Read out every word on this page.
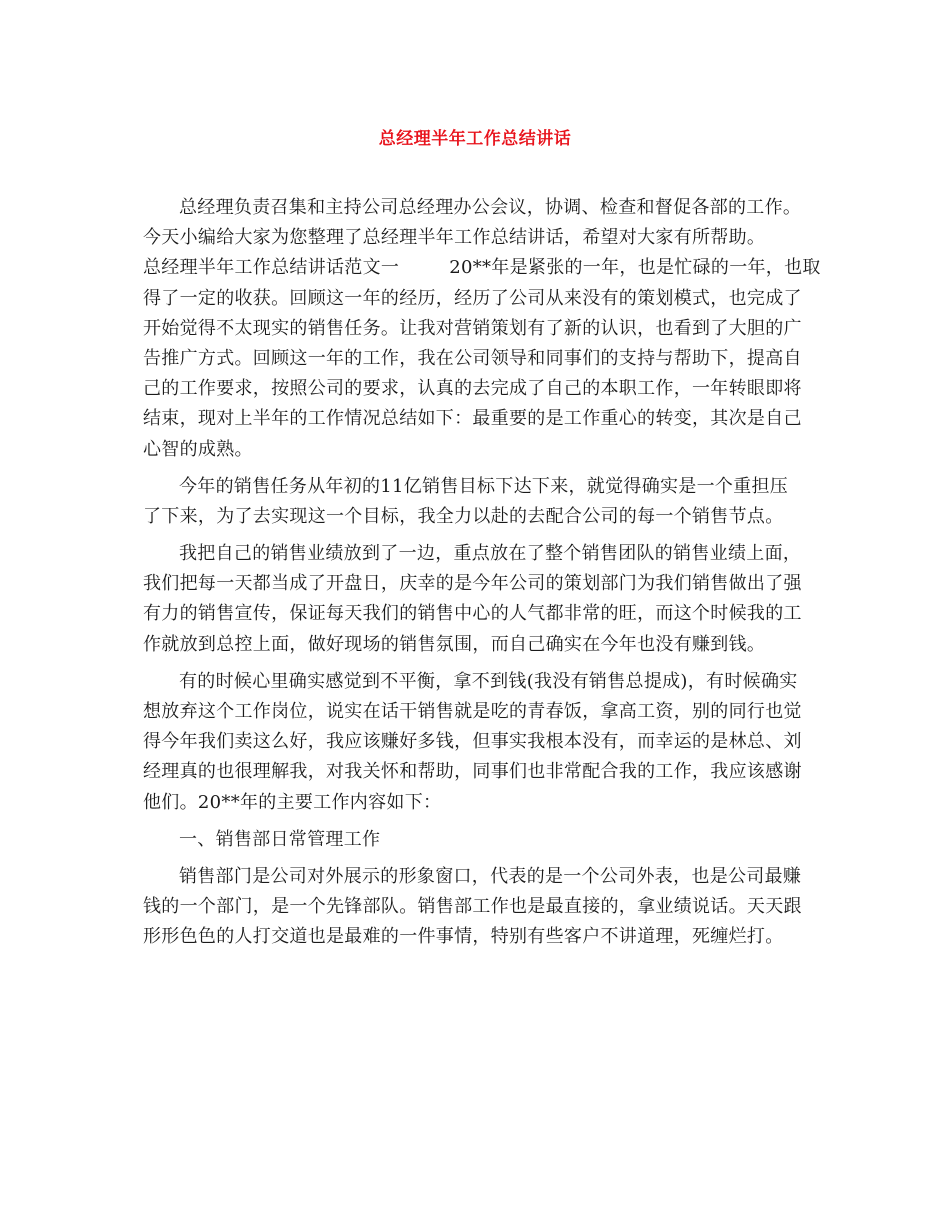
总经理半年工作总结讲话
总经理负责召集和主持公司总经理办公会议，协调、检查和督促各部的工作。
今天小编给大家为您整理了总经理半年工作总结讲话，希望对大家有所帮助。
总经理半年工作总结讲话范文一	20**年是紧张的一年，也是忙碌的一年，也取
得了一定的收获。回顾这一年的经历，经历了公司从来没有的策划模式，也完成了
开始觉得不太现实的销售任务。让我对营销策划有了新的认识，也看到了大胆的广
告推广方式。回顾这一年的工作，我在公司领导和同事们的支持与帮助下，提高自
己的工作要求，按照公司的要求，认真的去完成了自己的本职工作，一年转眼即将
结束，现对上半年的工作情况总结如下：最重要的是工作重心的转变，其次是自己
心智的成熟。
今年的销售任务从年初的11亿销售目标下达下来，就觉得确实是一个重担压
了下来，为了去实现这一个目标，我全力以赴的去配合公司的每一个销售节点。
我把自己的销售业绩放到了一边，重点放在了整个销售团队的销售业绩上面，
我们把每一天都当成了开盘日，庆幸的是今年公司的策划部门为我们销售做出了强
有力的销售宣传，保证每天我们的销售中心的人气都非常的旺，而这个时候我的工
作就放到总控上面，做好现场的销售氛围，而自己确实在今年也没有赚到钱。
有的时候心里确实感觉到不平衡，拿不到钱(我没有销售总提成)，有时候确实
想放弃这个工作岗位，说实在话干销售就是吃的青春饭，拿高工资，别的同行也觉
得今年我们卖这么好，我应该赚好多钱，但事实我根本没有，而幸运的是林总、刘
经理真的也很理解我，对我关怀和帮助，同事们也非常配合我的工作，我应该感谢
他们。20**年的主要工作内容如下：
一、销售部日常管理工作
销售部门是公司对外展示的形象窗口，代表的是一个公司外表，也是公司最赚
钱的一个部门，是一个先锋部队。销售部工作也是最直接的，拿业绩说话。天天跟
形形色色的人打交道也是最难的一件事情，特别有些客户不讲道理，死缠烂打。
